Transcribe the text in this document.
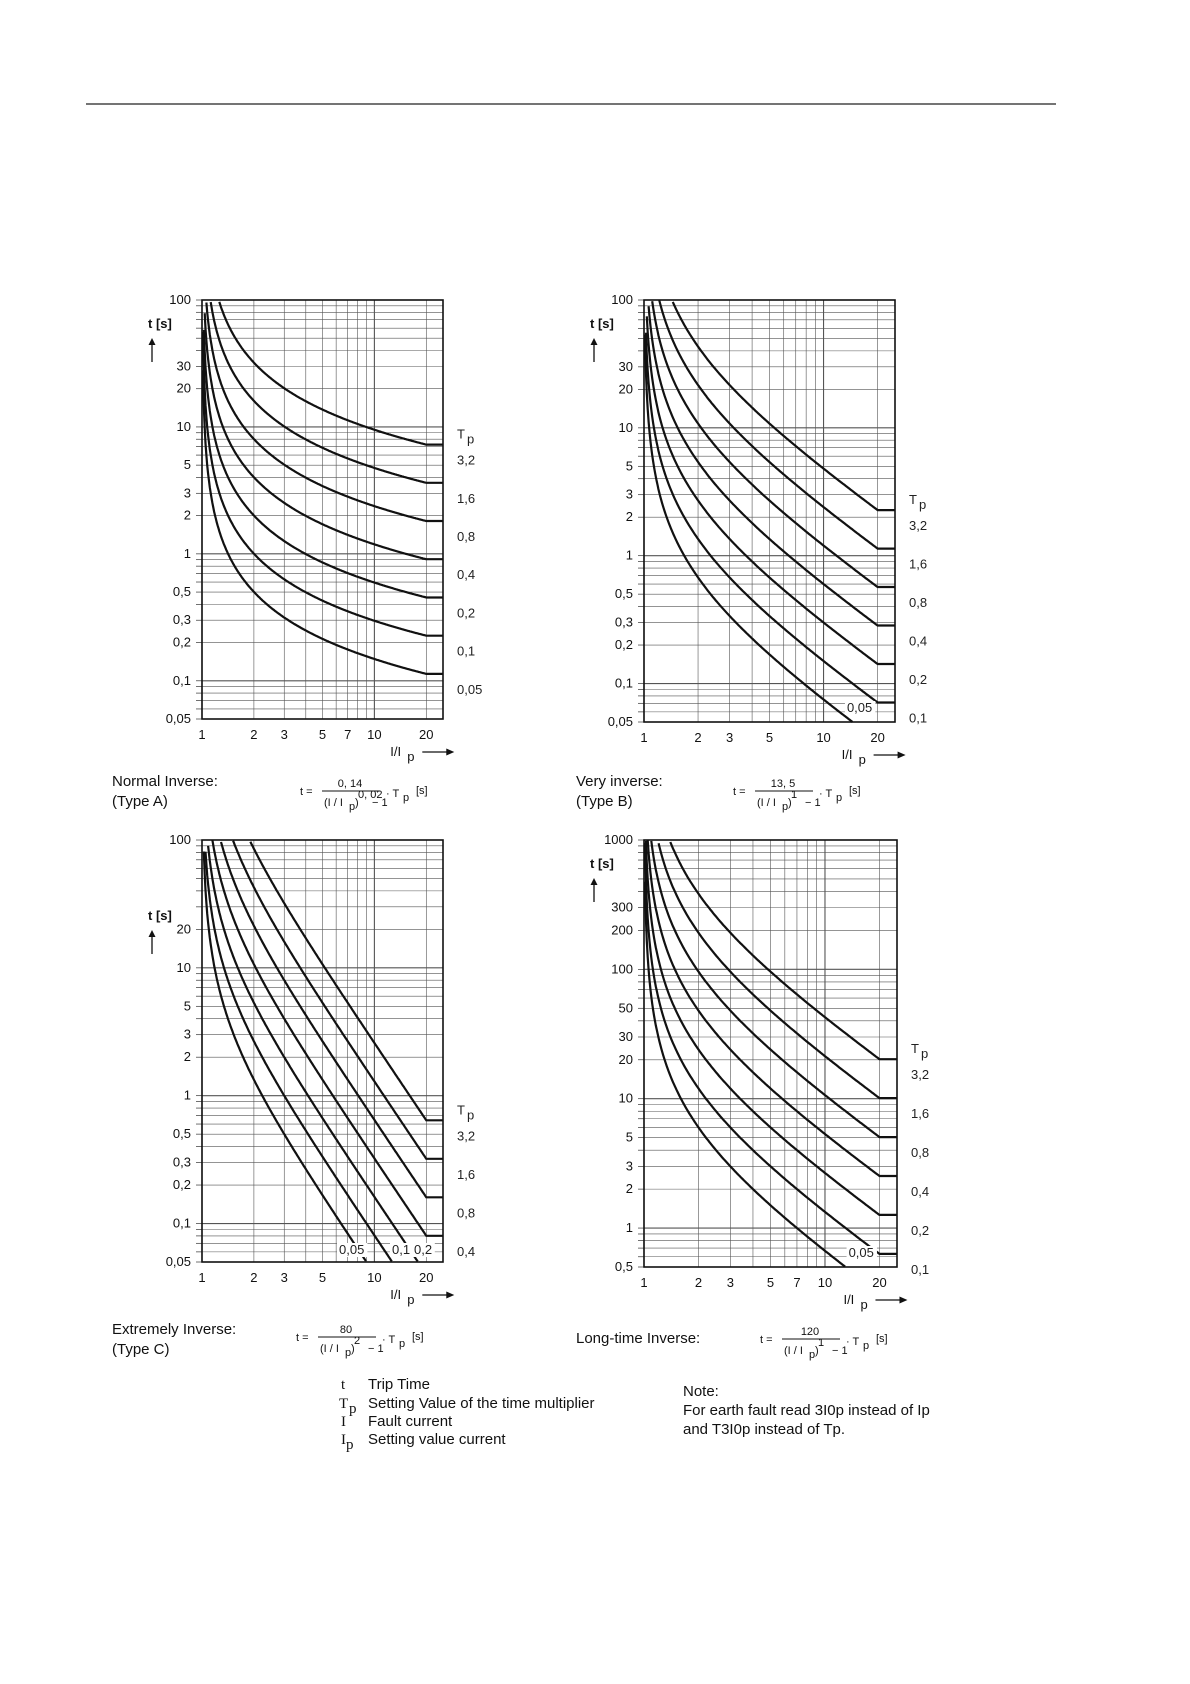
100
30
20
10
5
3
2
1
0,5
0,3
0,2
0,1
0,05
1	2 3 5 7 10	20
t [s]
I/I p
3,2
1,6
0,8
0,4
0,2
0,1
0,05
T p
Normal Inverse:
(Type A)
t =
0, 14
(I / I p )
0, 02
− 1
· T p
[s]
100
30
20
10
5
3
2
1
0,5
0,3
0,2
0,1
0,05
1	2 3	5	10	20
t [s]
I/I p
3,2
1,6
0,8
0,4
0,2
0,1
0,05
T p
Very inverse:
(Type B)
t =
13, 5
(I / I p )
1
− 1
· T p
[s]
100
20
10
5
3
2
1
0,5
0,3
0,2
0,1
0,05
1	2 3 5	10	20
t [s]
I/I p
3,2
1,6
0,8
0,4
0,2
0,1
0,05
T p
Extremely Inverse:
(Type C)
t =
80
(I / I p )
2
− 1
· T p
[s]
1000
300
200
100
50
30
20
10
5
3
2
1
0,5
1	2 3	5 7 10	20
t [s]
I/I p
3,2
1,6
0,8
0,4
0,2
0,1
0,05
T p
Long-time Inverse:	t =
120
(I / I p )
1
− 1
· T p
[s]
t Trip Time
T p Setting Value of the time multiplier
I Fault current
I p Setting value current
Note:
For earth fault read 3I0p instead of Ip
and T3I0p instead of Tp.
